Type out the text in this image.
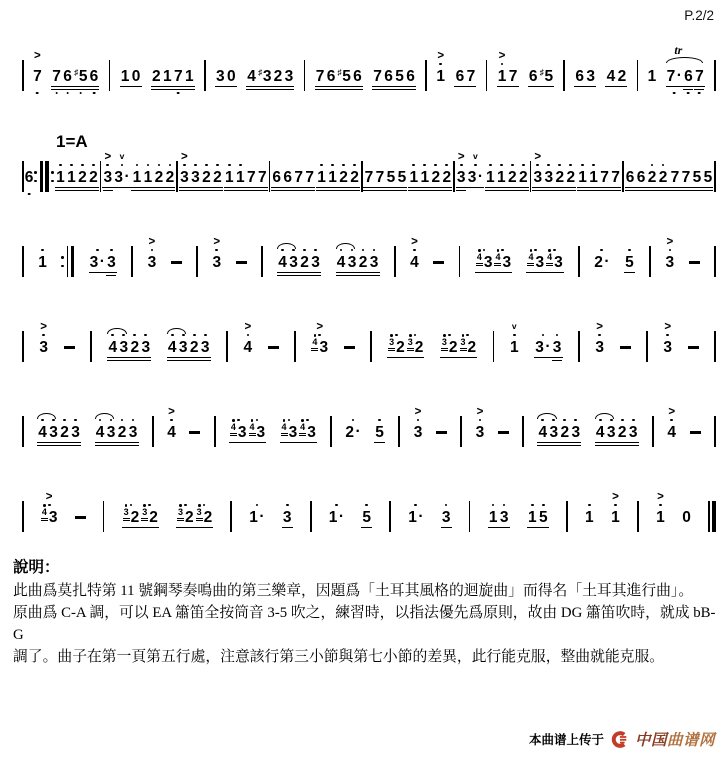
P.2/2
1=A
>
7 7 6 ♯ 5 6 1 0 2 1 7 1 3 0 4 ♯ 3 2 3 7 6 ♯ 5 6 7 6 5 6
>
1 6 7
>
1 7 6 ♯ 5 6 3 4 2 1 7 · 6 7
tr
6 1 1 2 2
>
3
v
3 · 1 1 2 2
>
3 3 2 2 1 1 7 7 6 6 7 7 1 1 2 2 7 7 5 5 1 1 2 2
>
3
v
3 · 1 1 2 2
>
3 3 2 2 1 1 7 7 6 6 2 2 7 7 5 5
1	3 · 3
>
3
>
3	4 3 2 3 4 3 2 3
>
4	4 3 4 3 4 3 4 3 2 · 5
>
3
>
3	4 3 2 3 4 3 2 3
>
4
>
4 3	3 2 3 2 3 2 3 2
v
1 3 · 3
>
3
>
3
4 3 2 3 4 3 2 3
>
4	4 3 4 3 4 3 4 3 2 · 5
>
3
>
3	4 3 2 3 4 3 2 3
>
4
>
4 3	3 2 3 2 3 2 3 2 1 · 3 1 · 5 1 · 3 1 3 1 5 1
>
1
>
1 0
說明：
此曲爲莫扎特第 11 號鋼琴奏鳴曲的第三樂章，因題爲「土耳其風格的迴旋曲」而得名「土耳其進行曲」。
原曲爲 C-A 調，可以 EA 簫笛全按筒音 3-5 吹之，練習時，以指法優先爲原則，故由 DG 簫笛吹時，就成 bB-G
調了。曲子在第一頁第五行處，注意該行第三小節與第七小節的差異，此行能克服，整曲就能克服。
本曲谱上传于 中国曲谱网
